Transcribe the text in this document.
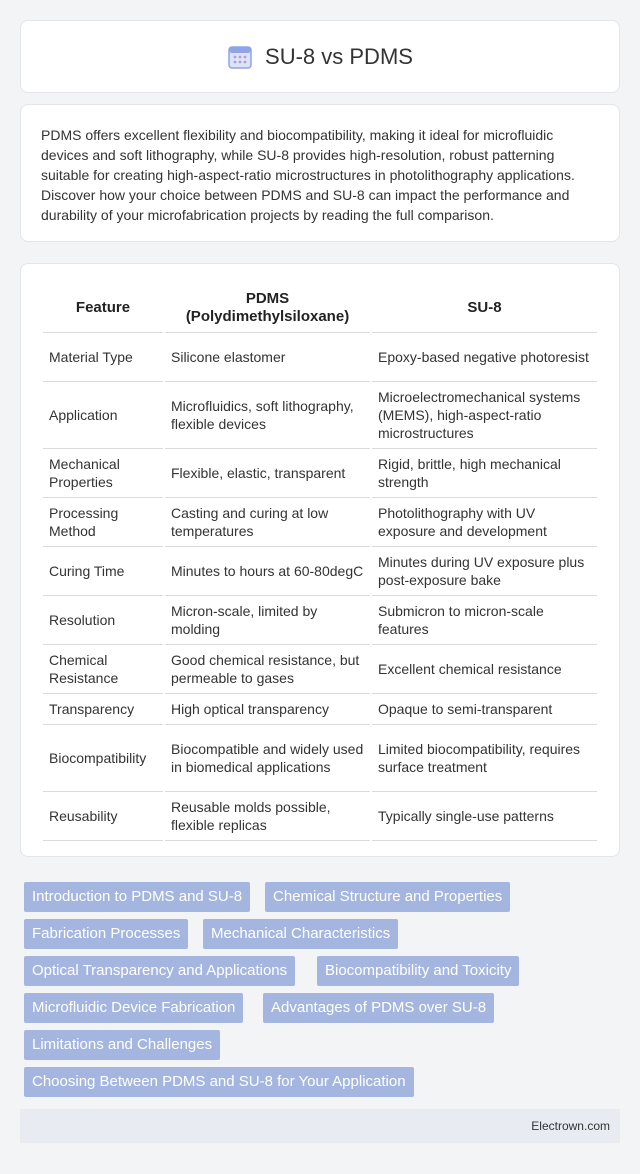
SU-8 vs PDMS

PDMS offers excellent flexibility and biocompatibility, making it ideal for microfluidic devices and soft lithography, while SU-8 provides high-resolution, robust patterning suitable for creating high-aspect-ratio microstructures in photolithography applications. Discover how your choice between PDMS and SU-8 can impact the performance and durability of your microfabrication projects by reading the full comparison.

Feature	PDMS (Polydimethylsiloxane)	SU-8
Material Type	Silicone elastomer	Epoxy-based negative photoresist
Application	Microfluidics, soft lithography, flexible devices	Microelectromechanical systems (MEMS), high-aspect-ratio microstructures
Mechanical Properties	Flexible, elastic, transparent	Rigid, brittle, high mechanical strength
Processing Method	Casting and curing at low temperatures	Photolithography with UV exposure and development
Curing Time	Minutes to hours at 60-80degC	Minutes during UV exposure plus post-exposure bake
Resolution	Micron-scale, limited by molding	Submicron to micron-scale features
Chemical Resistance	Good chemical resistance, but permeable to gases	Excellent chemical resistance
Transparency	High optical transparency	Opaque to semi-transparent
Biocompatibility	Biocompatible and widely used in biomedical applications	Limited biocompatibility, requires surface treatment
Reusability	Reusable molds possible, flexible replicas	Typically single-use patterns
Introduction to PDMS and SU-8	Chemical Structure and Properties
Fabrication Processes	Mechanical Characteristics
Optical Transparency and Applications	Biocompatibility and Toxicity
Microfluidic Device Fabrication	Advantages of PDMS over SU-8
Limitations and Challenges
Choosing Between PDMS and SU-8 for Your Application
Electrown.com
